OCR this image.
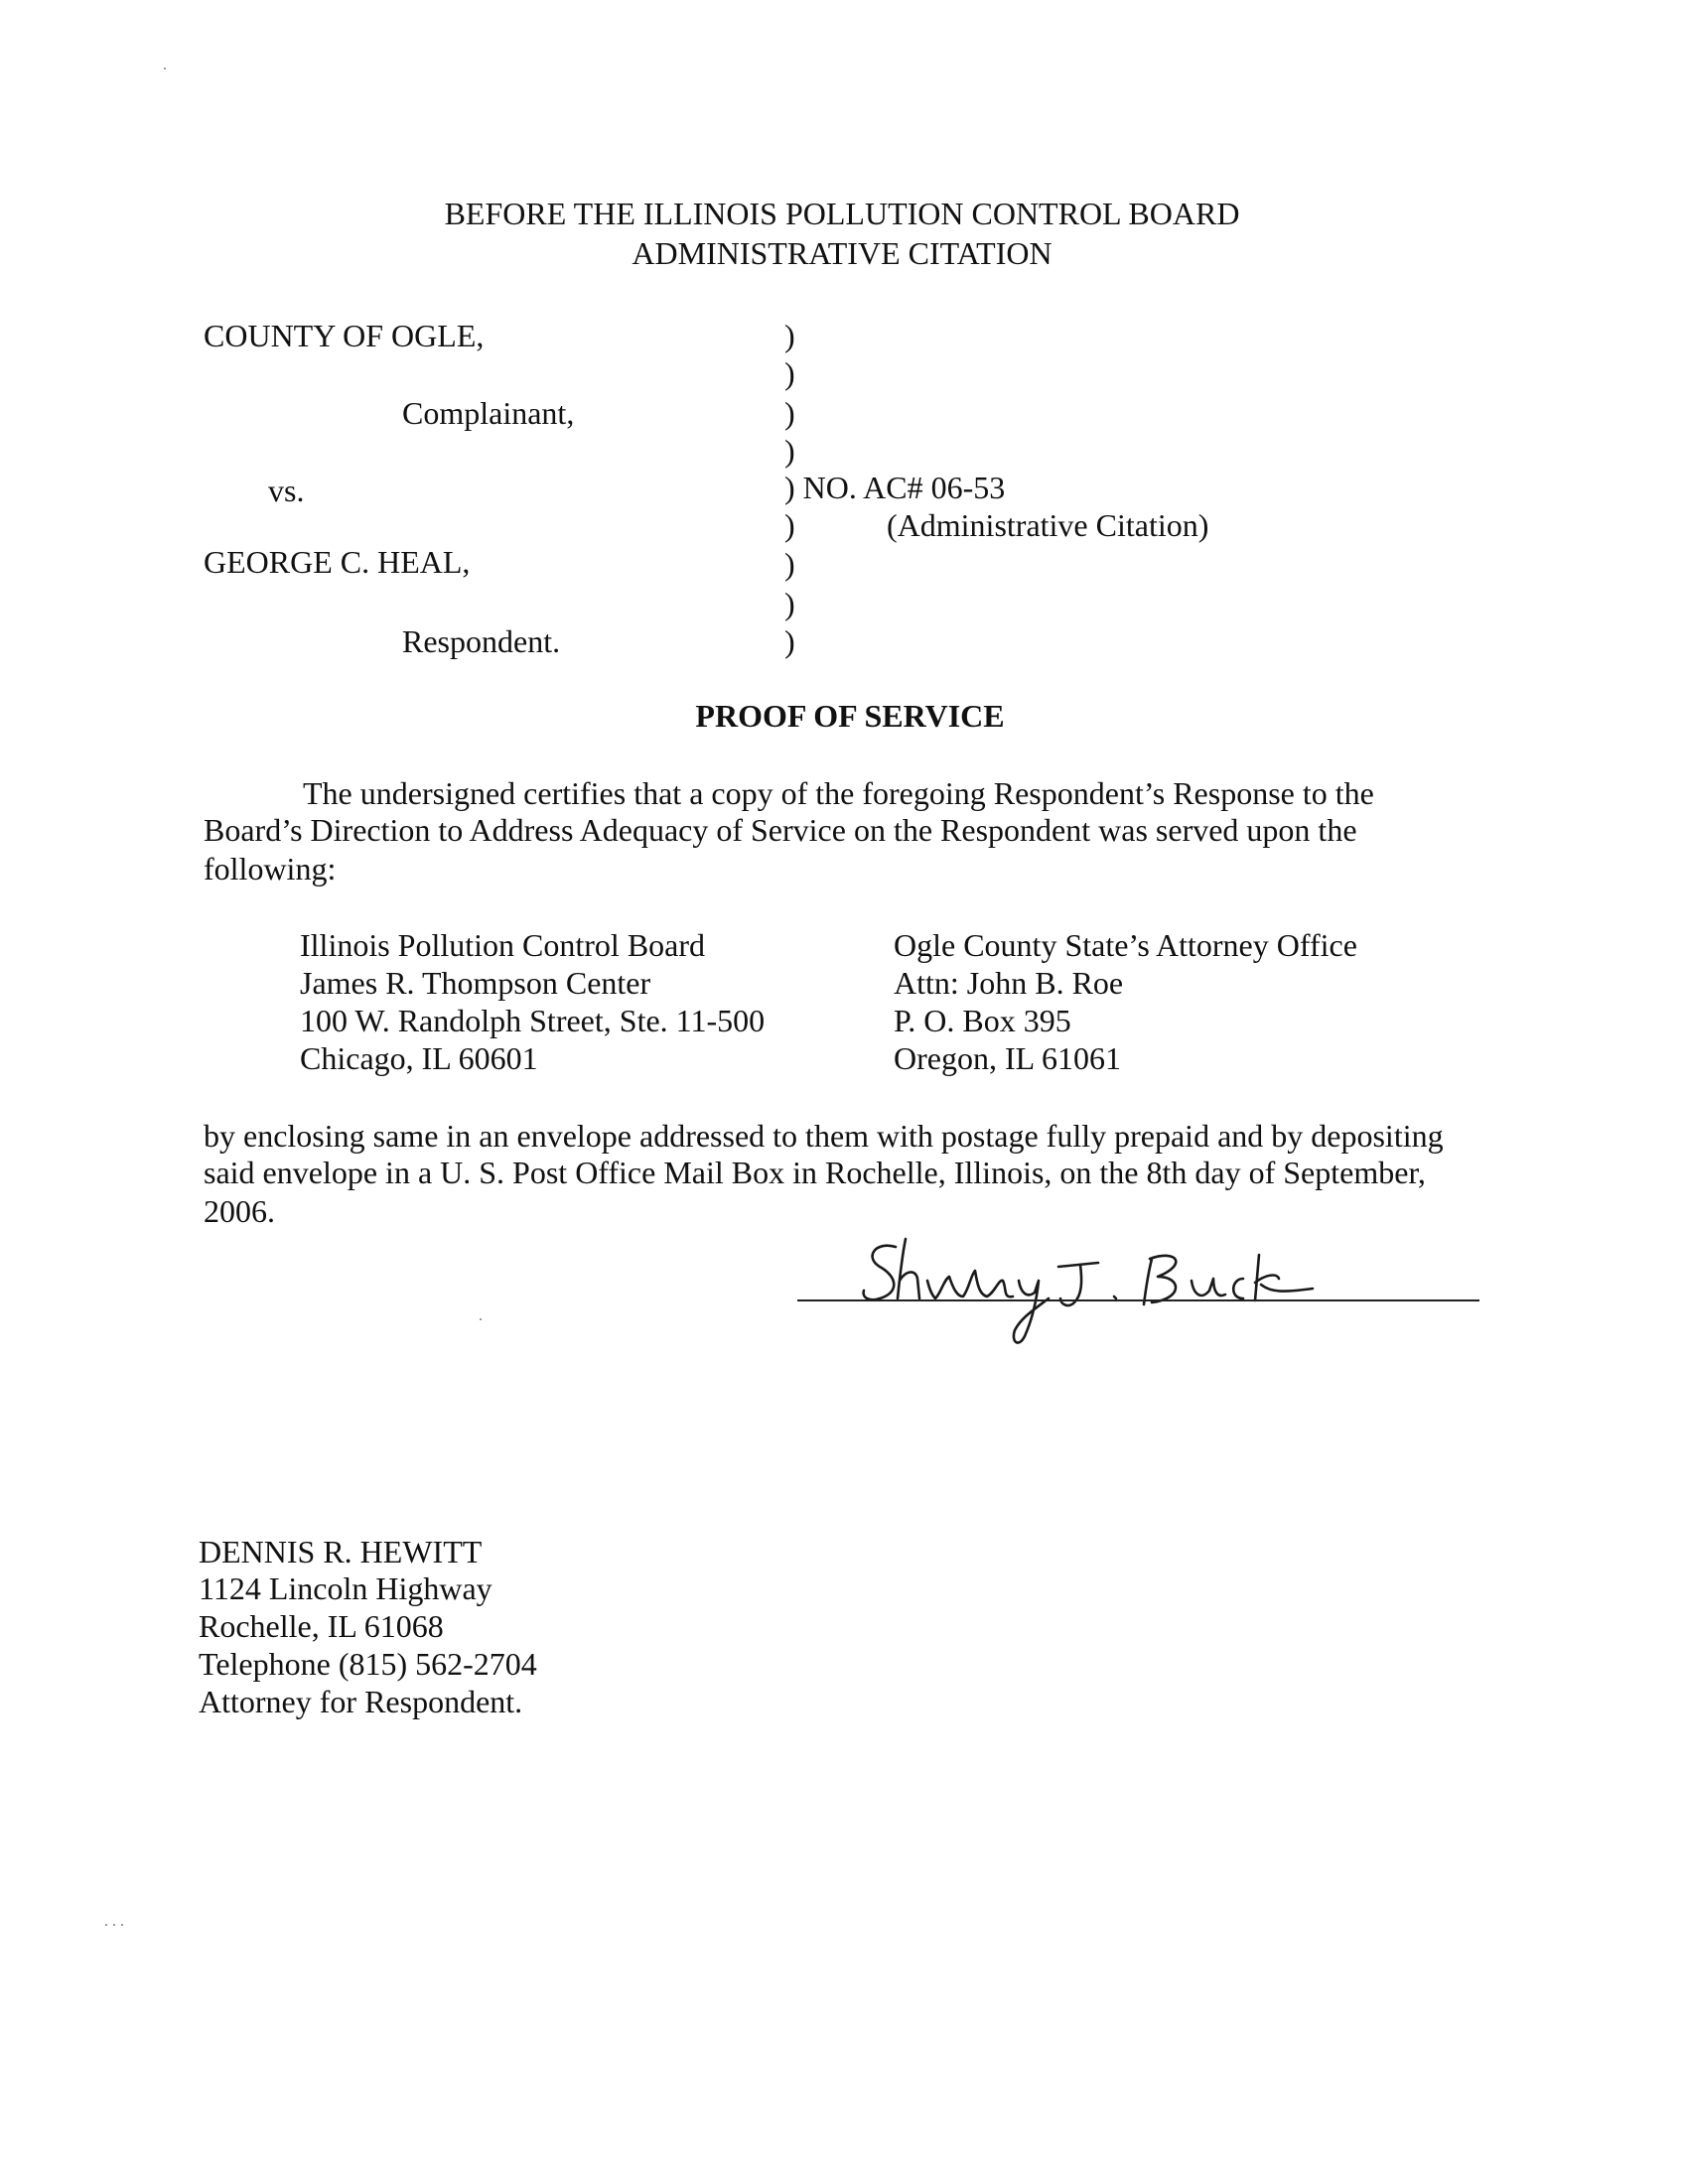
BEFORE THE ILLINOIS POLLUTION CONTROL BOARD
ADMINISTRATIVE CITATION
COUNTY OF OGLE,
Complainant,
vs.
GEORGE C. HEAL,
Respondent.
)
)
)
)
) NO. AC# 06-53
)	(Administrative Citation)
)
)
)
PROOF OF SERVICE
The undersigned certifies that a copy of the foregoing Respondent’s Response to the
Board’s Direction to Address Adequacy of Service on the Respondent was served upon the
following:
Illinois Pollution Control Board
James R. Thompson Center
100 W. Randolph Street, Ste. 11-500
Chicago, IL 60601
Ogle County State’s Attorney Office
Attn: John B. Roe
P. O. Box 395
Oregon, IL 61061
by enclosing same in an envelope addressed to them with postage fully prepaid and by depositing
said envelope in a U. S. Post Office Mail Box in Rochelle, Illinois, on the 8th day of September,
2006.
DENNIS R. HEWITT
1124 Lincoln Highway
Rochelle, IL 61068
Telephone (815) 562-2704
Attorney for Respondent.
